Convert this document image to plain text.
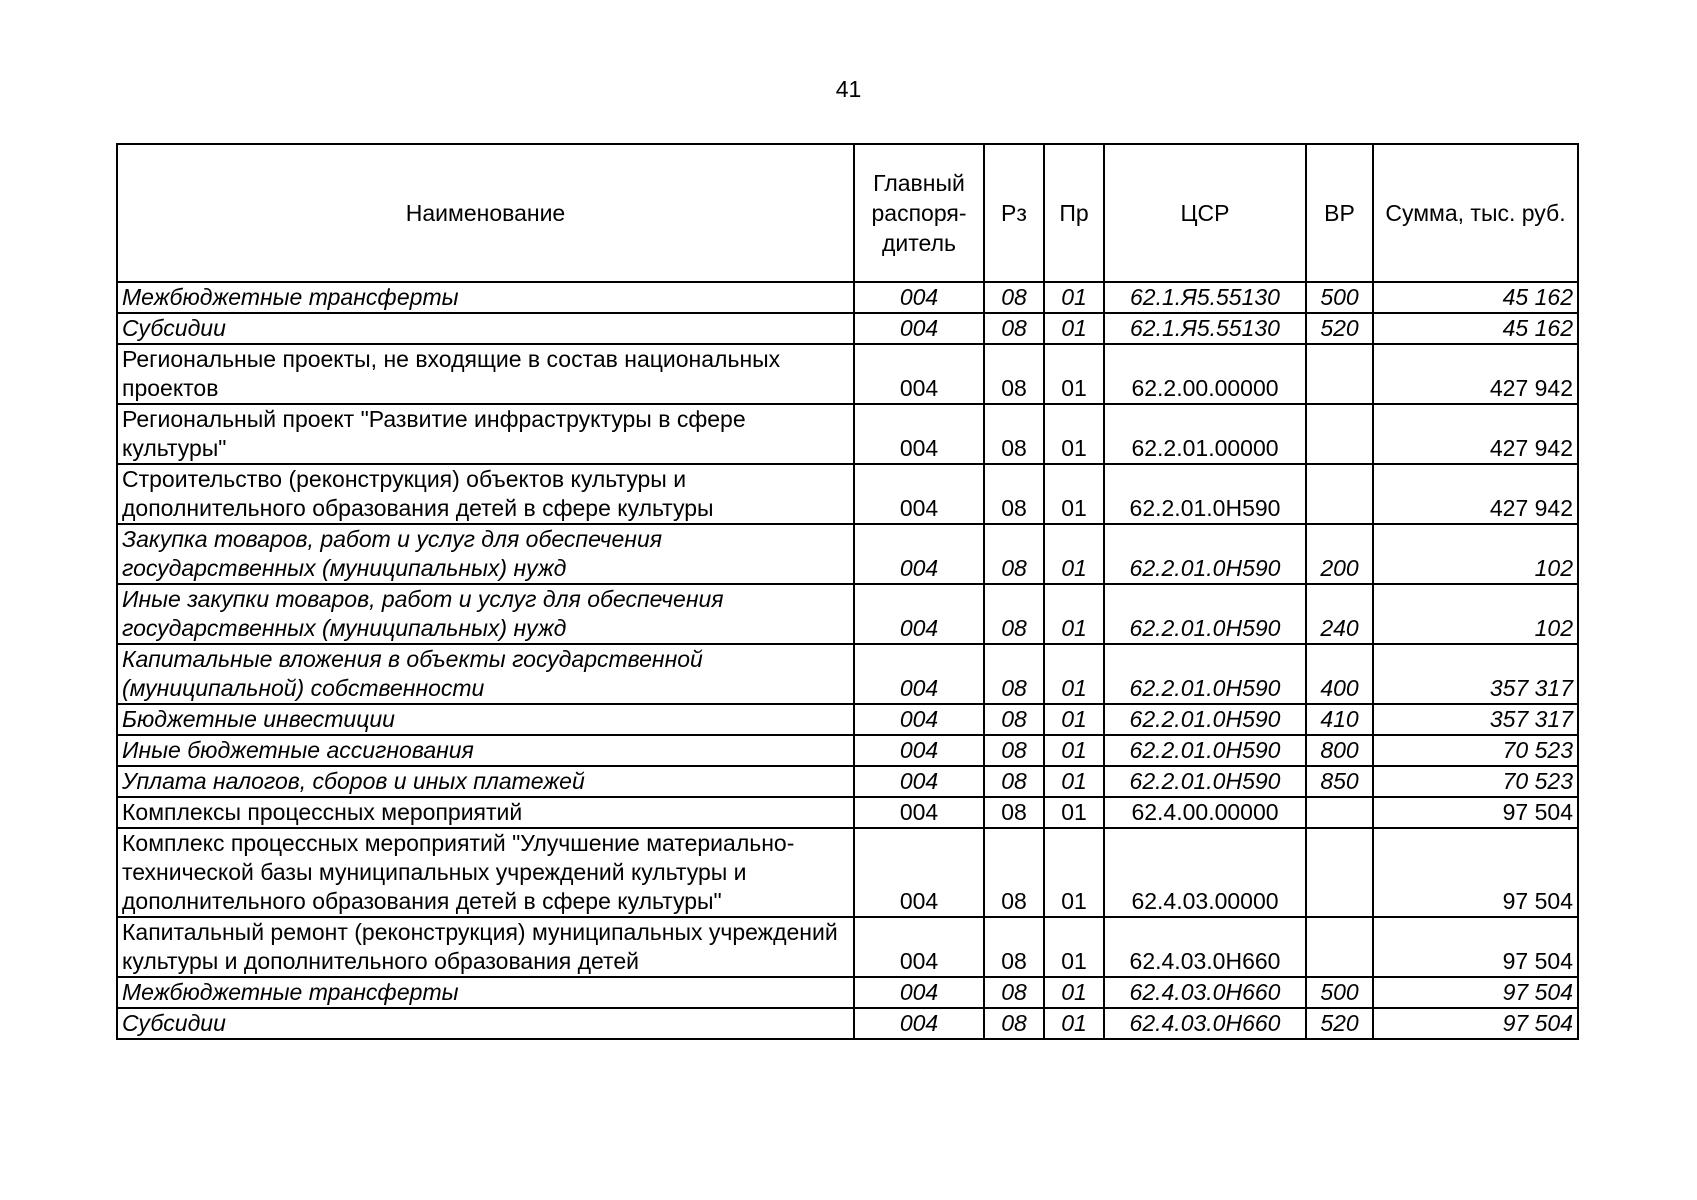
41
Наименование	Главный распоря-дитель	Рз	Пр	ЦСР	ВР	Сумма, тыс. руб.
Межбюджетные трансферты	004	08	01	62.1.Я5.55130	500	45 162
Субсидии	004	08	01	62.1.Я5.55130	520	45 162
Региональные проекты, не входящие в состав национальных проектов	004	08	01	62.2.00.00000		427 942
Региональный проект "Развитие инфраструктуры в сфере культуры"	004	08	01	62.2.01.00000		427 942
Строительство (реконструкция) объектов культуры и дополнительного образования детей в сфере культуры	004	08	01	62.2.01.0Н590		427 942
Закупка товаров, работ и услуг для обеспечения государственных (муниципальных) нужд	004	08	01	62.2.01.0Н590	200	102
Иные закупки товаров, работ и услуг для обеспечения государственных (муниципальных) нужд	004	08	01	62.2.01.0Н590	240	102
Капитальные вложения в объекты государственной (муниципальной) собственности	004	08	01	62.2.01.0Н590	400	357 317
Бюджетные инвестиции	004	08	01	62.2.01.0Н590	410	357 317
Иные бюджетные ассигнования	004	08	01	62.2.01.0Н590	800	70 523
Уплата налогов, сборов и иных платежей	004	08	01	62.2.01.0Н590	850	70 523
Комплексы процессных мероприятий	004	08	01	62.4.00.00000		97 504
Комплекс процессных мероприятий "Улучшение материально-технической базы муниципальных учреждений культуры и дополнительного образования детей в сфере культуры"	004	08	01	62.4.03.00000		97 504
Капитальный ремонт (реконструкция) муниципальных учреждений культуры и дополнительного образования детей	004	08	01	62.4.03.0Н660		97 504
Межбюджетные трансферты	004	08	01	62.4.03.0Н660	500	97 504
Субсидии	004	08	01	62.4.03.0Н660	520	97 504
